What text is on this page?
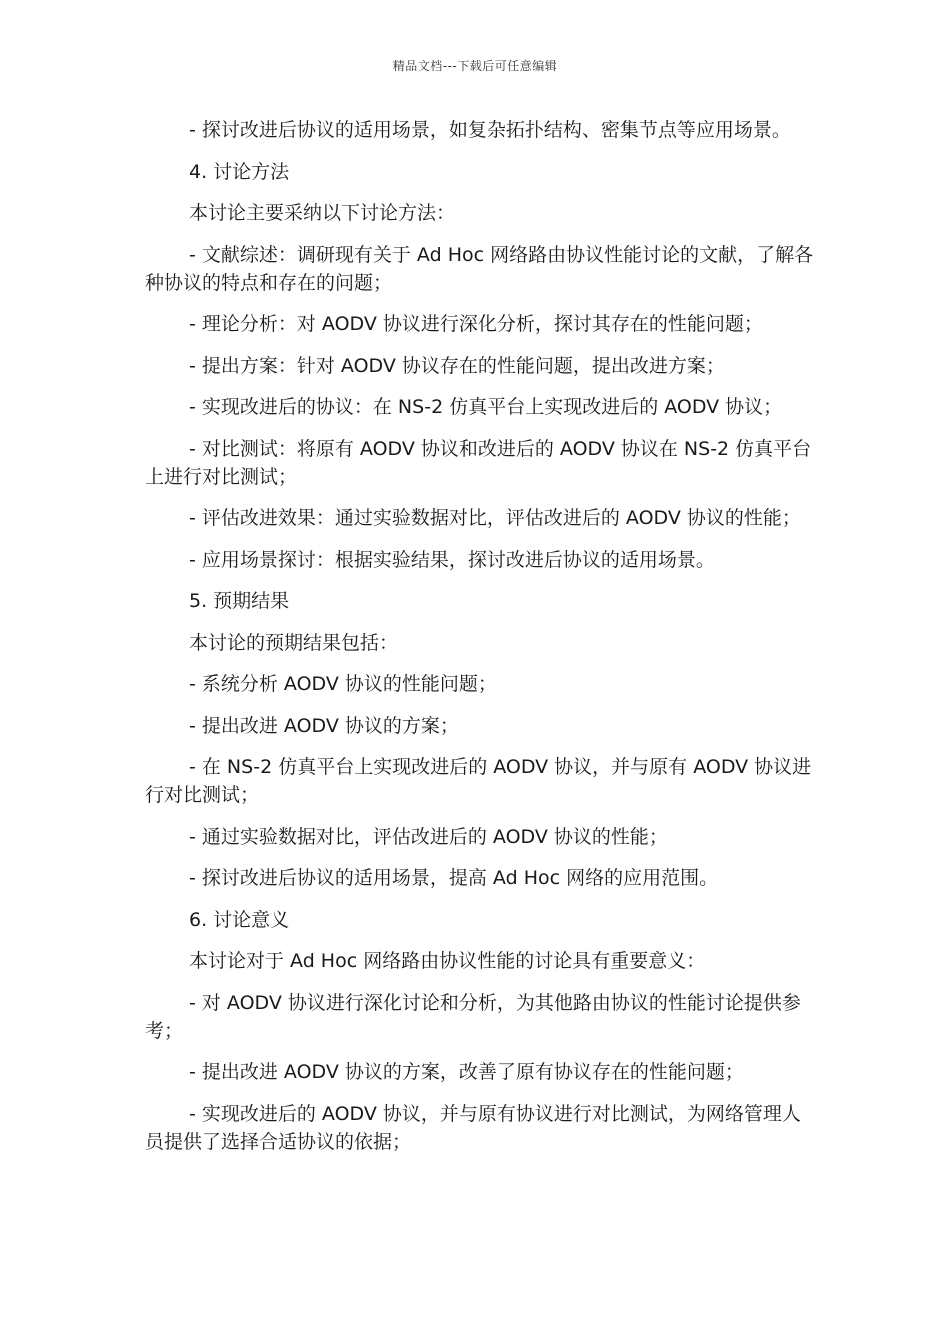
精品文档---下载后可任意编辑

- 探讨改进后协议的适用场景，如复杂拓扑结构、密集节点等应用场景。

4. 讨论方法

本讨论主要采纳以下讨论方法：

- 文献综述：调研现有关于 Ad Hoc 网络路由协议性能讨论的文献，了解各种协议的特点和存在的问题；

- 理论分析：对 AODV 协议进行深化分析，探讨其存在的性能问题；

- 提出方案：针对 AODV 协议存在的性能问题，提出改进方案；

- 实现改进后的协议：在 NS-2 仿真平台上实现改进后的 AODV 协议；

- 对比测试：将原有 AODV 协议和改进后的 AODV 协议在 NS-2 仿真平台上进行对比测试；

- 评估改进效果：通过实验数据对比，评估改进后的 AODV 协议的性能；

- 应用场景探讨：根据实验结果，探讨改进后协议的适用场景。

5. 预期结果

本讨论的预期结果包括：

- 系统分析 AODV 协议的性能问题；

- 提出改进 AODV 协议的方案；

- 在 NS-2 仿真平台上实现改进后的 AODV 协议，并与原有 AODV 协议进行对比测试；

- 通过实验数据对比，评估改进后的 AODV 协议的性能；

- 探讨改进后协议的适用场景，提高 Ad Hoc 网络的应用范围。

6. 讨论意义

本讨论对于 Ad Hoc 网络路由协议性能的讨论具有重要意义：

- 对 AODV 协议进行深化讨论和分析，为其他路由协议的性能讨论提供参考；

- 提出改进 AODV 协议的方案，改善了原有协议存在的性能问题；

- 实现改进后的 AODV 协议，并与原有协议进行对比测试，为网络管理人员提供了选择合适协议的依据；
